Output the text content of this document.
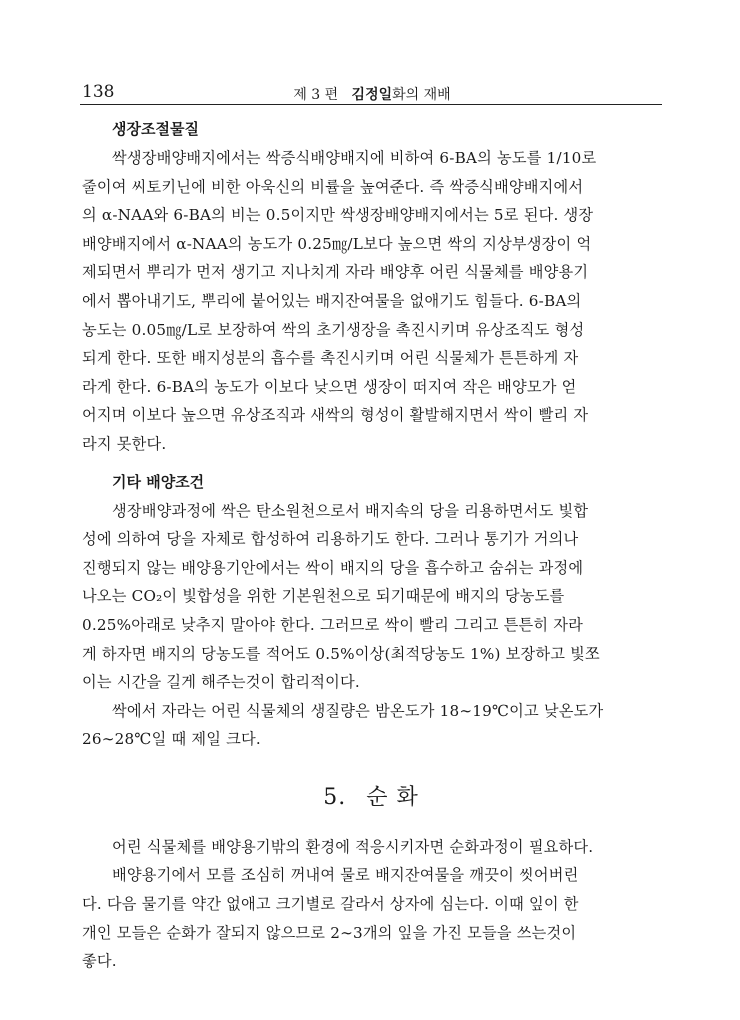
138	제 3 편 김정일화의 재배
생장조절물질
싹생장배양배지에서는 싹증식배양배지에 비하여 6-BA의 농도를 1/10로
줄이여 씨토키닌에 비한 아욱신의 비률을 높여준다. 즉 싹증식배양배지에서
의 α-NAA와 6-BA의 비는 0.5이지만 싹생장배양배지에서는 5로 된다. 생장
배양배지에서 α-NAA의 농도가 0.25㎎/L보다 높으면 싹의 지상부생장이 억
제되면서 뿌리가 먼저 생기고 지나치게 자라 배양후 어린 식물체를 배양용기
에서 뽑아내기도, 뿌리에 붙어있는 배지잔여물을 없애기도 힘들다. 6-BA의
농도는 0.05㎎/L로 보장하여 싹의 초기생장을 촉진시키며 유상조직도 형성
되게 한다. 또한 배지성분의 흡수를 촉진시키며 어린 식물체가 튼튼하게 자
라게 한다. 6-BA의 농도가 이보다 낮으면 생장이 떠지여 작은 배양모가 얻
어지며 이보다 높으면 유상조직과 새싹의 형성이 활발해지면서 싹이 빨리 자
라지 못한다.
기타 배양조건
생장배양과정에 싹은 탄소원천으로서 배지속의 당을 리용하면서도 빛합
성에 의하여 당을 자체로 합성하여 리용하기도 한다. 그러나 통기가 거의나
진행되지 않는 배양용기안에서는 싹이 배지의 당을 흡수하고 숨쉬는 과정에
나오는 CO₂이 빛합성을 위한 기본원천으로 되기때문에 배지의 당농도를
0.25%아래로 낮추지 말아야 한다. 그러므로 싹이 빨리 그리고 튼튼히 자라
게 하자면 배지의 당농도를 적어도 0.5%이상(최적당농도 1%) 보장하고 빛쪼
이는 시간을 길게 해주는것이 합리적이다.
싹에서 자라는 어린 식물체의 생질량은 밤온도가 18∼19℃이고 낮온도가
26∼28℃일 때 제일 크다.
5. 순 화
어린 식물체를 배양용기밖의 환경에 적응시키자면 순화과정이 필요하다.
배양용기에서 모를 조심히 꺼내여 물로 배지잔여물을 깨끗이 씻어버린
다. 다음 물기를 약간 없애고 크기별로 갈라서 상자에 심는다. 이때 잎이 한
개인 모들은 순화가 잘되지 않으므로 2∼3개의 잎을 가진 모들을 쓰는것이
좋다.
